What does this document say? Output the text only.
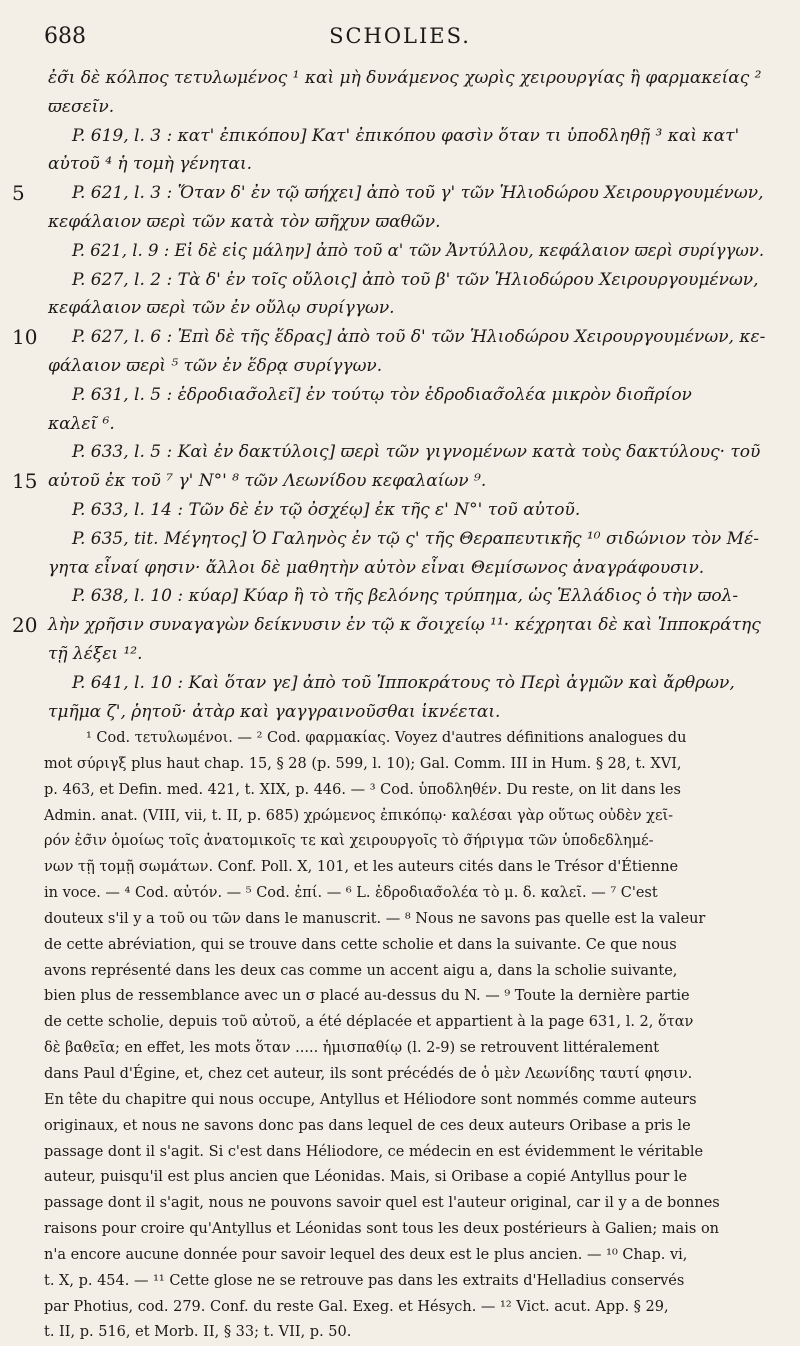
688	SCHOLIES.
ἐσ̃ι δὲ κόλπος τετυλωμένος ¹ καὶ μὴ δυνάμενος χωρὶς χειρουργίας ἢ φαρμακείας ²
ϖεσεῖν.
P. 619, l. 3 : κατ' ἐπικόπου] Κατ' ἐπικόπου φασὶν ὅταν τι ὑποδληθῇ ³ καὶ κατ'
αὐτοῦ ⁴ ἡ τομὴ γένηται.
5	P. 621, l. 3 : Ὅταν δ' ἐν τῷ ϖήχει] ἀπὸ τοῦ γ' τῶν Ἡλιοδώρου Χειρουργουμένων,
κεφάλαιον ϖερὶ τῶν κατὰ τὸν ϖῆχυν ϖαθῶν.
P. 621, l. 9 : Εἰ δὲ εἰς μάλην] ἀπὸ τοῦ α' τῶν Ἀντύλλου, κεφάλαιον ϖερὶ συρίγγων.
P. 627, l. 2 : Τὰ δ' ἐν τοῖς οὔλοις] ἀπὸ τοῦ β' τῶν Ἡλιοδώρου Χειρουργουμένων,
κεφάλαιον ϖερὶ τῶν ἐν οὔλῳ συρίγγων.
10 P. 627, l. 6 : Ἐπὶ δὲ τῆς ἕδρας] ἀπὸ τοῦ δ' τῶν Ἡλιοδώρου Χειρουργουμένων, κε-
φάλαιον ϖερὶ ⁵ τῶν ἐν ἕδρᾳ συρίγγων.
P. 631, l. 5 : ἑδροδιασ̃ολεῖ] ἐν τούτῳ τὸν ἑδροδιασ̃ολέα μικρὸν διοπ̃ρίον
καλεῖ ⁶.
P. 633, l. 5 : Καὶ ἐν δακτύλοις] ϖερὶ τῶν γιγνομένων κατὰ τοὺς δακτύλους· τοῦ
15 αὐτοῦ ἐκ τοῦ ⁷ γ' N°' ⁸ τῶν Λεωνίδου κεφαλαίων ⁹.
P. 633, l. 14 : Τῶν δὲ ἐν τῷ ὀσχέῳ] ἐκ τῆς ε' N°' τοῦ αὐτοῦ.
P. 635, tit. Μέγητος] Ὁ Γαληνὸς ἐν τῷ ς' τῆς Θεραπευτικῆς ¹⁰ σιδώνιον τὸν Μέ-
γητα εἶναί φησιν· ἄλλοι δὲ μαθητὴν αὐτὸν εἶναι Θεμίσωνος ἀναγράφουσιν.
P. 638, l. 10 : κύαρ] Κύαρ ἢ τὸ τῆς βελόνης τρύπημα, ὡς Ἑλλάδιος ὁ τὴν ϖολ-
20 λὴν χρῆσιν συναγαγὼν δείκνυσιν ἐν τῷ κ σ̃οιχείῳ ¹¹· κέχρηται δὲ καὶ Ἱπποκράτης
τῇ λέξει ¹².
P. 641, l. 10 : Καὶ ὅταν γε] ἀπὸ τοῦ Ἱπποκράτους τὸ Περὶ ἀγμῶν καὶ ἄρθρων,
τμῆμα ζ', ῥητοῦ· ἀτὰρ καὶ γαγγραινοῦσθαι ἱκνέεται.
¹ Cod. τετυλωμένοι. — ² Cod. φαρμακίας. Voyez d'autres définitions analogues du
mot σύριγξ plus haut chap. 15, § 28 (p. 599, l. 10); Gal. Comm. III in Hum. § 28, t. XVI,
p. 463, et Defin. med. 421, t. XIX, p. 446. — ³ Cod. ὑποδληθέν. Du reste, on lit dans les
Admin. anat. (VIII, vii, t. II, p. 685) χρώμενος ἐπικόπῳ· καλέσαι γὰρ οὕτως οὐδὲν χεῖ-
ρόν ἐσ̃ιν ὁμοίως τοῖς ἀνατομικοῖς τε καὶ χειρουργοῖς τὸ σ̃ήριγμα τῶν ὑποδεδλημέ-
νων τῇ τομῇ σωμάτων. Conf. Poll. X, 101, et les auteurs cités dans le Trésor d'Étienne
in voce. — ⁴ Cod. αὐτόν. — ⁵ Cod. ἐπί. — ⁶ L. ἑδροδιασ̃ολέα τὸ μ. δ. καλεῖ. — ⁷ C'est
douteux s'il y a τοῦ ou τῶν dans le manuscrit. — ⁸ Nous ne savons pas quelle est la valeur
de cette abréviation, qui se trouve dans cette scholie et dans la suivante. Ce que nous
avons représenté dans les deux cas comme un accent aigu a, dans la scholie suivante,
bien plus de ressemblance avec un σ placé au-dessus du N. — ⁹ Toute la dernière partie
de cette scholie, depuis τοῦ αὐτοῦ, a été déplacée et appartient à la page 631, l. 2, ὅταν
δὲ βαθεῖα; en effet, les mots ὅταν ..... ἡμισπαθίῳ (l. 2-9) se retrouvent littéralement
dans Paul d'Égine, et, chez cet auteur, ils sont précédés de ὁ μὲν Λεωνίδης ταυτί φησιν.
En tête du chapitre qui nous occupe, Antyllus et Héliodore sont nommés comme auteurs
originaux, et nous ne savons donc pas dans lequel de ces deux auteurs Oribase a pris le
passage dont il s'agit. Si c'est dans Héliodore, ce médecin en est évidemment le véritable
auteur, puisqu'il est plus ancien que Léonidas. Mais, si Oribase a copié Antyllus pour le
passage dont il s'agit, nous ne pouvons savoir quel est l'auteur original, car il y a de bonnes
raisons pour croire qu'Antyllus et Léonidas sont tous les deux postérieurs à Galien; mais on
n'a encore aucune donnée pour savoir lequel des deux est le plus ancien. — ¹⁰ Chap. vi,
t. X, p. 454. — ¹¹ Cette glose ne se retrouve pas dans les extraits d'Helladius conservés
par Photius, cod. 279. Conf. du reste Gal. Exeg. et Hésych. — ¹² Vict. acut. App. § 29,
t. II, p. 516, et Morb. II, § 33; t. VII, p. 50.
